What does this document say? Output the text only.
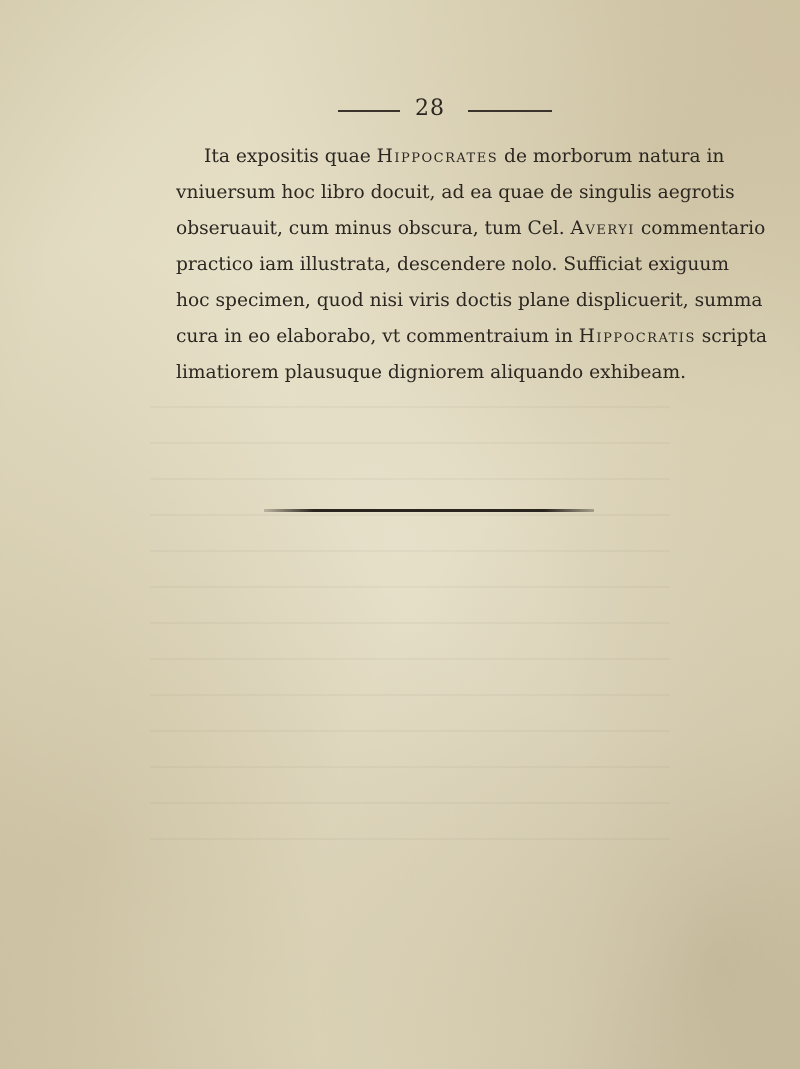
28
Ita expositis quae Hippocrates de morborum natura in
vniuersum hoc libro docuit, ad ea quae de singulis aegrotis
obseruauit, cum minus obscura, tum Cel. Averyi commentario
practico iam illustrata, descendere nolo. Sufficiat exiguum
hoc specimen, quod nisi viris doctis plane displicuerit, summa
cura in eo elaborabo, vt commentraium in Hippocratis scripta
limatiorem plausuque digniorem aliquando exhibeam.
